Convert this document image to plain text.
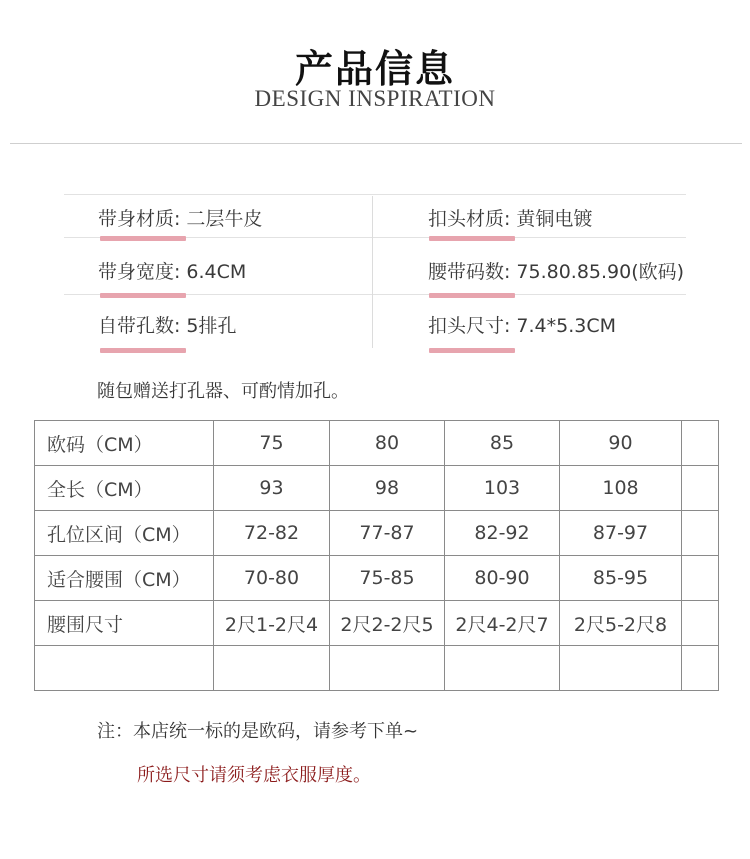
产品信息
DESIGN INSPIRATION
带身材质: 二层牛皮	扣头材质: 黄铜电镀
带身宽度: 6.4CM	腰带码数: 75.80.85.90(欧码)
自带孔数: 5排孔	扣头尺寸: 7.4*5.3CM
随包赠送打孔器、可酌情加孔。
欧码（CM）	75	80	85	90	
全长（CM）	93	98	103	108	
孔位区间（CM）	72-82	77-87	82-92	87-97	
适合腰围（CM）	70-80	75-85	80-90	85-95	
腰围尺寸	2尺1-2尺4	2尺2-2尺5	2尺4-2尺7	2尺5-2尺8	

注：本店统一标的是欧码，请参考下单~
所选尺寸请须考虑衣服厚度。
